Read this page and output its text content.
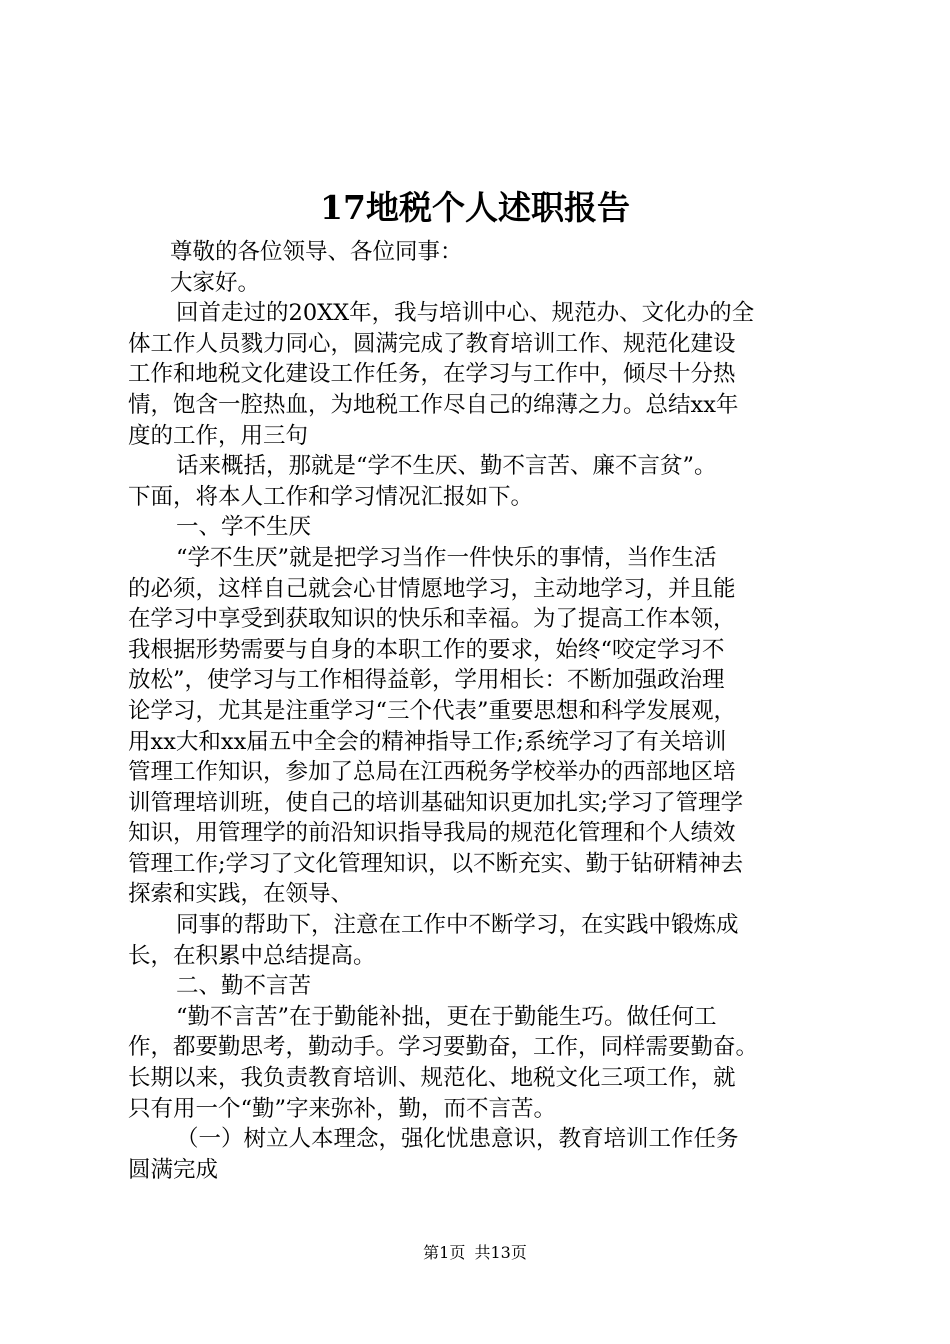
17地税个人述职报告
尊敬的各位领导、各位同事：
大家好。
回首走过的20XX年，我与培训中心、规范办、文化办的全
体工作人员戮力同心，圆满完成了教育培训工作、规范化建设
工作和地税文化建设工作任务，在学习与工作中，倾尽十分热
情，饱含一腔热血，为地税工作尽自己的绵薄之力。总结xx年
度的工作，用三句
话来概括，那就是“学不生厌、勤不言苦、廉不言贫”。
下面，将本人工作和学习情况汇报如下。
一、学不生厌
“学不生厌”就是把学习当作一件快乐的事情，当作生活
的必须，这样自己就会心甘情愿地学习，主动地学习，并且能
在学习中享受到获取知识的快乐和幸福。为了提高工作本领，
我根据形势需要与自身的本职工作的要求，始终“咬定学习不
放松”，使学习与工作相得益彰，学用相长：不断加强政治理
论学习，尤其是注重学习“三个代表”重要思想和科学发展观，
用xx大和xx届五中全会的精神指导工作;系统学习了有关培训
管理工作知识，参加了总局在江西税务学校举办的西部地区培
训管理培训班，使自己的培训基础知识更加扎实;学习了管理学
知识，用管理学的前沿知识指导我局的规范化管理和个人绩效
管理工作;学习了文化管理知识，以不断充实、勤于钻研精神去
探索和实践，在领导、
同事的帮助下，注意在工作中不断学习，在实践中锻炼成
长，在积累中总结提高。
二、勤不言苦
“勤不言苦”在于勤能补拙，更在于勤能生巧。做任何工
作，都要勤思考，勤动手。学习要勤奋，工作，同样需要勤奋。
长期以来，我负责教育培训、规范化、地税文化三项工作，就
只有用一个“勤”字来弥补，勤，而不言苦。
（一）树立人本理念，强化忧患意识，教育培训工作任务
圆满完成
第1页 共13页
